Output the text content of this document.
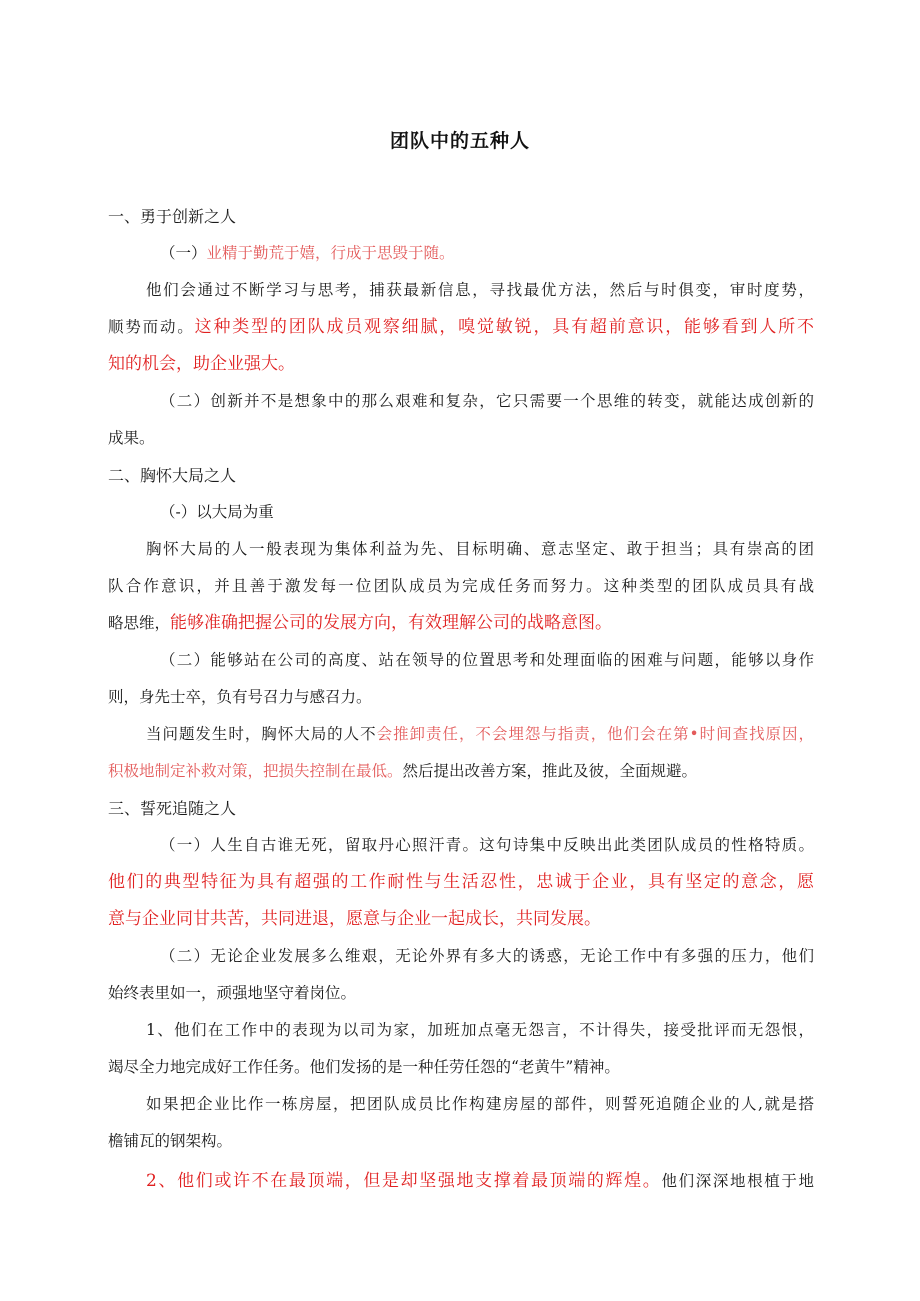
团队中的五种人

一、勇于创新之人

（一）业精于勤荒于嬉，行成于思毁于随。

他们会通过不断学习与思考，捕获最新信息，寻找最优方法，然后与时俱变，审时度势，

顺势而动。这种类型的团队成员观察细腻，嗅觉敏锐，具有超前意识，能够看到人所不

知的机会，助企业强大。

（二）创新并不是想象中的那么艰难和复杂，它只需要一个思维的转变，就能达成创新的

成果。

二、胸怀大局之人

（-）以大局为重

胸怀大局的人一般表现为集体利益为先、目标明确、意志坚定、敢于担当；具有崇高的团

队合作意识，并且善于激发每一位团队成员为完成任务而努力。这种类型的团队成员具有战

略思维，能够准确把握公司的发展方向，有效理解公司的战略意图。

（二）能够站在公司的高度、站在领导的位置思考和处理面临的困难与问题，能够以身作

则，身先士卒，负有号召力与感召力。

当问题发生时，胸怀大局的人不会推卸责任，不会埋怨与指责，他们会在第•时间查找原因，

积极地制定补救对策，把损失控制在最低。然后提出改善方案，推此及彼，全面规避。

三、誓死追随之人

（一）人生自古谁无死，留取丹心照汗青。这句诗集中反映出此类团队成员的性格特质。

他们的典型特征为具有超强的工作耐性与生活忍性，忠诚于企业，具有坚定的意念，愿

意与企业同甘共苦，共同进退，愿意与企业一起成长，共同发展。

（二）无论企业发展多么维艰，无论外界有多大的诱惑，无论工作中有多强的压力，他们

始终表里如一，顽强地坚守着岗位。

1、他们在工作中的表现为以司为家，加班加点毫无怨言，不计得失，接受批评而无怨恨，

竭尽全力地完成好工作任务。他们发扬的是一种任劳任怨的“老黄牛”精神。

如果把企业比作一栋房屋，把团队成员比作构建房屋的部件，则誓死追随企业的人,就是搭

檐铺瓦的钢架构。

2、他们或许不在最顶端，但是却坚强地支撑着最顶端的辉煌。他们深深地根植于地
